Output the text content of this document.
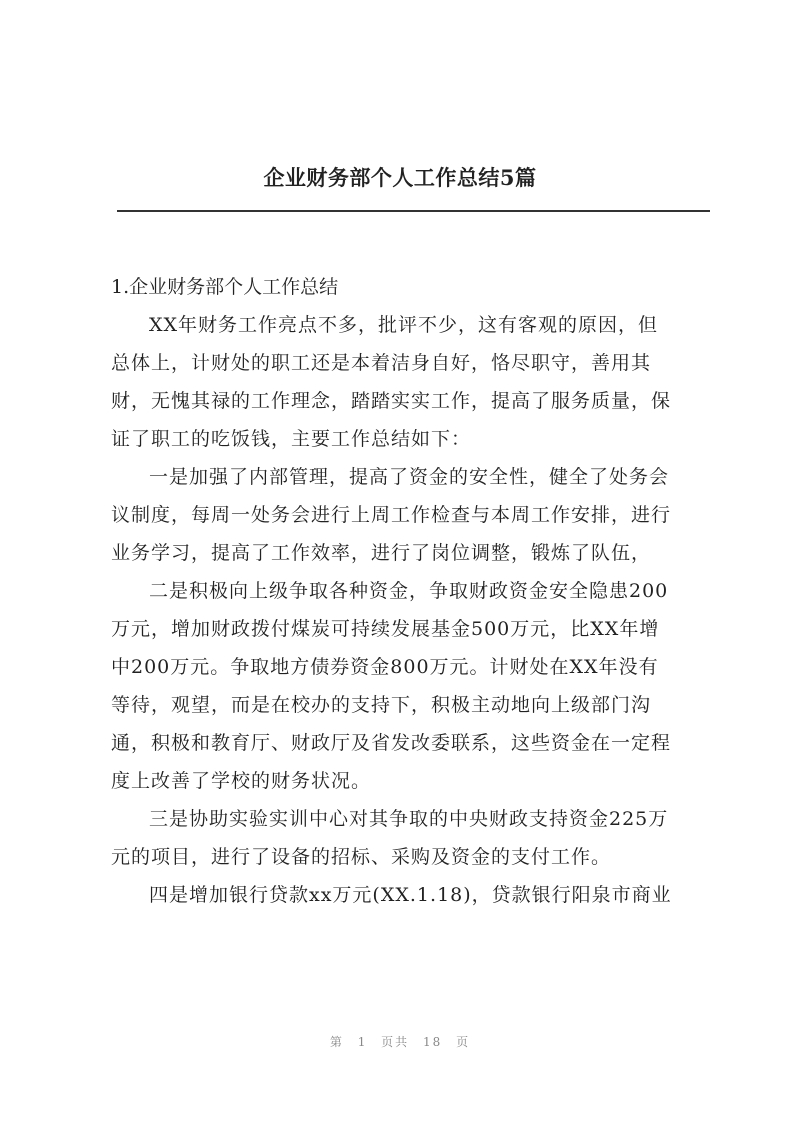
企业财务部个人工作总结5篇
1.企业财务部个人工作总结
XX年财务工作亮点不多，批评不少，这有客观的原因，但
总体上，计财处的职工还是本着洁身自好，恪尽职守，善用其
财，无愧其禄的工作理念，踏踏实实工作，提高了服务质量，保
证了职工的吃饭钱，主要工作总结如下：
一是加强了内部管理，提高了资金的安全性，健全了处务会
议制度，每周一处务会进行上周工作检查与本周工作安排，进行
业务学习，提高了工作效率，进行了岗位调整，锻炼了队伍，
二是积极向上级争取各种资金，争取财政资金安全隐患200
万元，增加财政拨付煤炭可持续发展基金500万元，比XX年增
中200万元。争取地方债券资金800万元。计财处在XX年没有
等待，观望，而是在校办的支持下，积极主动地向上级部门沟
通，积极和教育厅、财政厅及省发改委联系，这些资金在一定程
度上改善了学校的财务状况。
三是协助实验实训中心对其争取的中央财政支持资金225万
元的项目，进行了设备的招标、采购及资金的支付工作。
四是增加银行贷款xx万元(XX.1.18)，贷款银行阳泉市商业
第 1 页共 18 页
